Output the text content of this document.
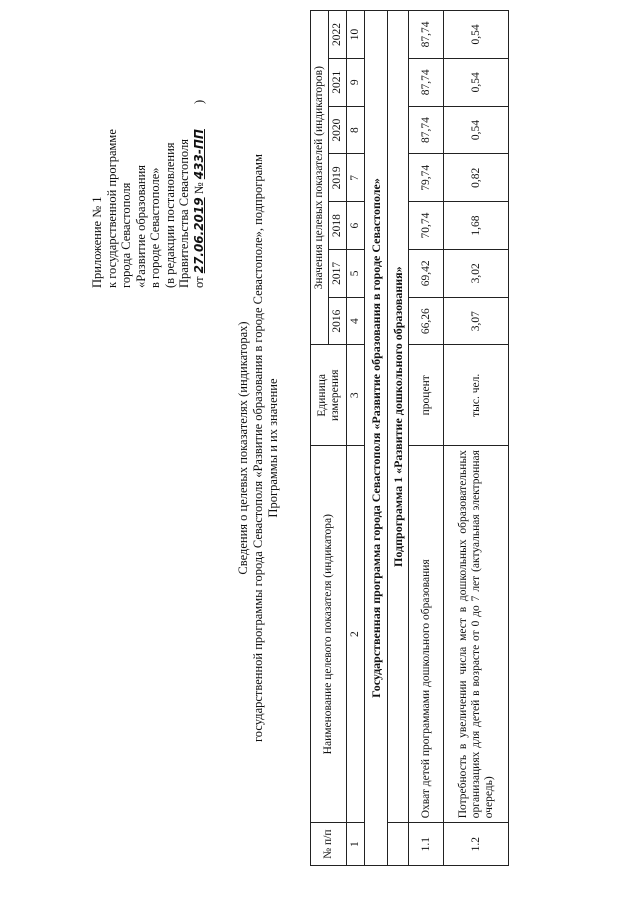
Приложение № 1 к государственной программе города Севастополя «Развитие образования в городе Севастополе» (в редакции постановления Правительства Севастополя от 27.06.2019 № 433-ПП )
Сведения о целевых показателях (индикаторах) государственной программы города Севастополя «Развитие образования в городе Севастополе», подпрограмм Программы и их значение
№ п/п	Наименование целевого показателя (индикатора)	Единица измерения	Значения целевых показателей (индикаторов)						
			2016	2017	2018	2019	2020	2021	2022
1	2	3	4	5	6	7	8	9	10
Государственная программа города Севастополя «Развитие образования в городе Севастополе»									
	Подпрограмма 1 «Развитие дошкольного образования»								
1.1	Охват детей программами дошкольного образования	процент	66,26	69,42	70,74	79,74	87,74	87,74	87,74
1.2	Потребность в увеличении числа мест в дошкольных образовательных организациях для детей в возрасте от 0 до 7 лет (актуальная электронная очередь)	тыс. чел.	3,07	3,02	1,68	0,82	0,54	0,54	0,54
